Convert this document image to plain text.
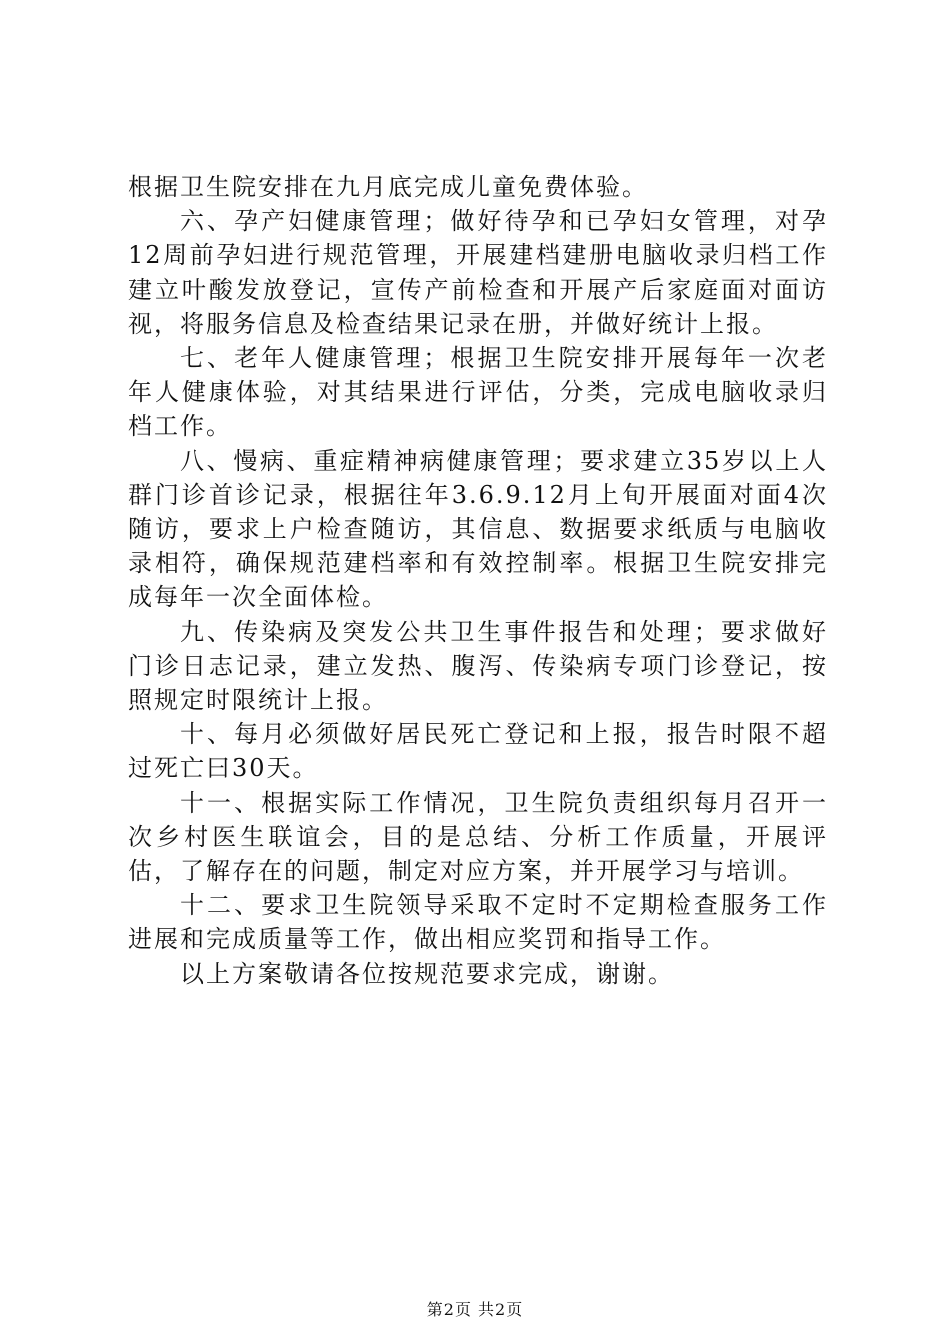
根据卫生院安排在九月底完成儿童免费体验。

六、孕产妇健康管理；做好待孕和已孕妇女管理，对孕12周前孕妇进行规范管理，开展建档建册电脑收录归档工作建立叶酸发放登记，宣传产前检查和开展产后家庭面对面访视，将服务信息及检查结果记录在册，并做好统计上报。

七、老年人健康管理；根据卫生院安排开展每年一次老年人健康体验，对其结果进行评估，分类，完成电脑收录归档工作。

八、慢病、重症精神病健康管理；要求建立35岁以上人群门诊首诊记录，根据往年3.6.9.12月上旬开展面对面4次随访，要求上户检查随访，其信息、数据要求纸质与电脑收录相符，确保规范建档率和有效控制率。根据卫生院安排完成每年一次全面体检。

九、传染病及突发公共卫生事件报告和处理；要求做好门诊日志记录，建立发热、腹泻、传染病专项门诊登记，按照规定时限统计上报。

十、每月必须做好居民死亡登记和上报，报告时限不超过死亡曰30天。

十一、根据实际工作情况，卫生院负责组织每月召开一次乡村医生联谊会，目的是总结、分析工作质量，开展评估，了解存在的问题，制定对应方案，并开展学习与培训。

十二、要求卫生院领导采取不定时不定期检查服务工作进展和完成质量等工作，做出相应奖罚和指导工作。

以上方案敬请各位按规范要求完成，谢谢。

第2页 共2页
